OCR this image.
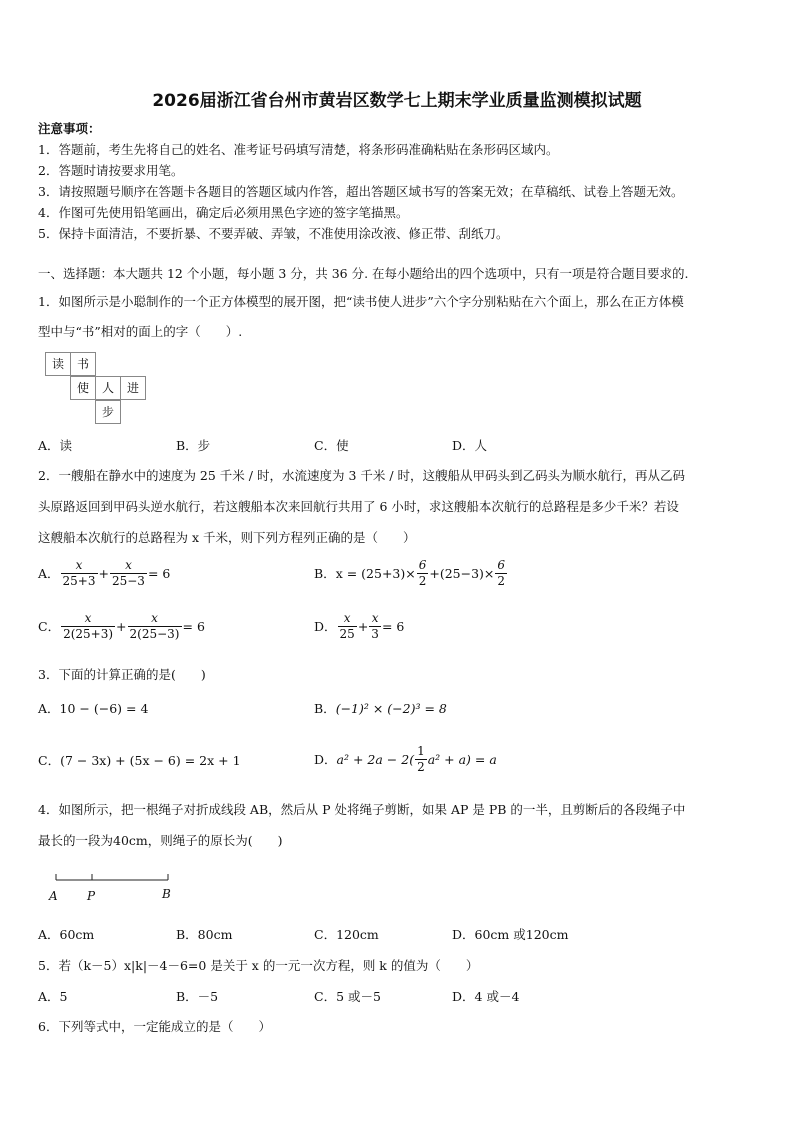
2026届浙江省台州市黄岩区数学七上期末学业质量监测模拟试题
注意事项：
1．答题前，考生先将自己的姓名、准考证号码填写清楚，将条形码准确粘贴在条形码区域内。
2．答题时请按要求用笔。
3．请按照题号顺序在答题卡各题目的答题区域内作答，超出答题区域书写的答案无效；在草稿纸、试卷上答题无效。
4．作图可先使用铅笔画出，确定后必须用黑色字迹的签字笔描黑。
5．保持卡面清洁，不要折暴、不要弄破、弄皱，不准使用涂改液、修正带、刮纸刀。
一、选择题：本大题共 12 个小题，每小题 3 分，共 36 分. 在每小题给出的四个选项中，只有一项是符合题目要求的.
1．如图所示是小聪制作的一个正方体模型的展开图，把“读书使人进步”六个字分别粘贴在六个面上，那么在正方体模
型中与“书”相对的面上的字（　　）.
读	书
使	人	进
步
A．读	B．步	C．使	D．人
2．一艘船在静水中的速度为 25 千米 / 时，水流速度为 3 千米 / 时，这艘船从甲码头到乙码头为顺水航行，再从乙码
头原路返回到甲码头逆水航行，若这艘船本次来回航行共用了 6 小时，求这艘船本次航行的总路程是多少千米？若设
这艘船本次航行的总路程为 x 千米，则下列方程列正确的是（　　）
A． $\frac{x}{25+3} + \frac{x}{25-3} = 6$	B． $x = (25+3)\times \frac{6}{2} +(25-3)\times \frac{6}{2}$
C． $\frac{x}{2(25+3)} + \frac{x}{2(25-3)} = 6$	D． $\frac{x}{25} + \frac{x}{3} = 6$
3．下面的计算正确的是(　　)
A．10 − (−6) = 4	B．(−1)² × (−2)³ = 8
C．(7 − 3x) + (5x − 6) = 2x + 1	D． $a^2 + 2a - 2( \frac{1}{2} a^2 + a) = a$
4．如图所示，把一根绳子对折成线段 AB，然后从 P 处将绳子剪断，如果 AP 是 PB 的一半，且剪断后的各段绳子中
最长的一段为40cm，则绳子的原长为(　　)
A P	B
A．60cm	B．80cm	C．120cm	D．60cm 或120cm
5．若（k－5）x|k|－4－6=0 是关于 x 的一元一次方程，则 k 的值为（　　）
A．5	B．－5	C．5 或－5	D．4 或－4
6．下列等式中，一定能成立的是（　　）
